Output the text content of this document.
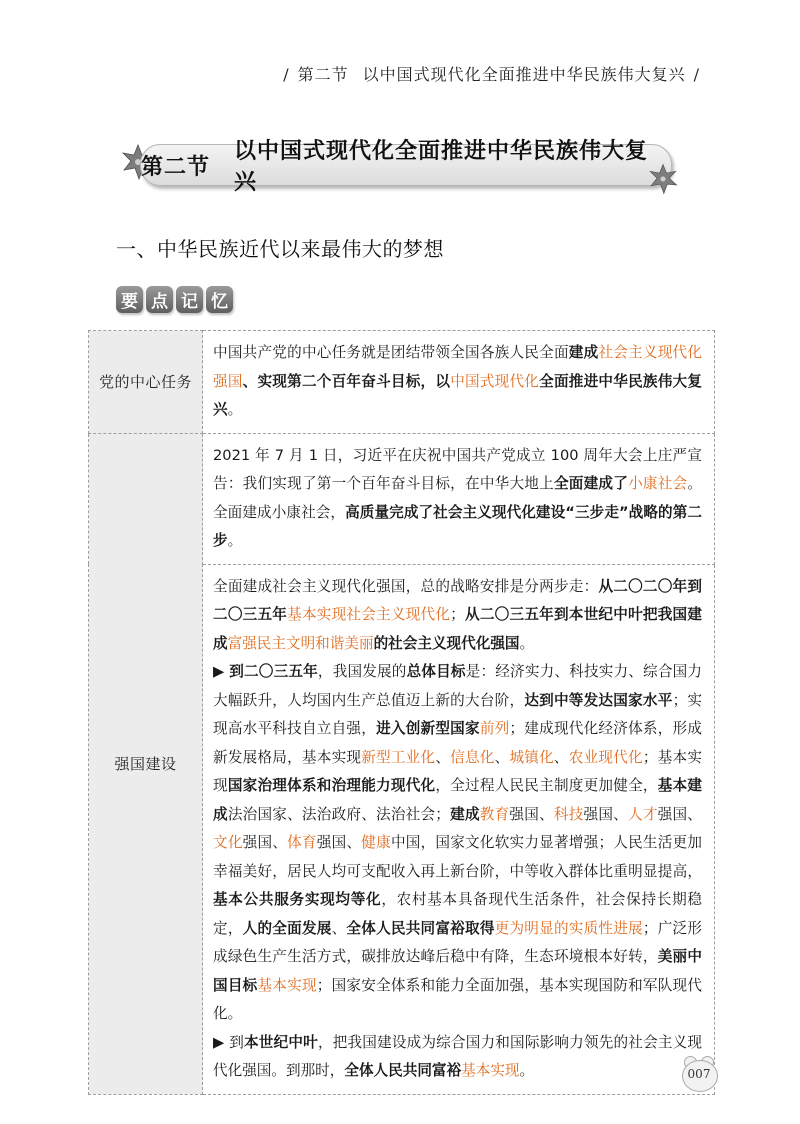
/ 第二节 以中国式现代化全面推进中华民族伟大复兴 /
第二节
以中国式现代化全面推进中华民族伟大复兴
一、中华民族近代以来最伟大的梦想
要 点 记 忆
党的中心任务	中国共产党的中心任务就是团结带领全国各族人民全面建成社会主义现代化强国、实现第二个百年奋斗目标，以中国式现代化全面推进中华民族伟大复兴。
强国建设	2021 年 7 月 1 日，习近平在庆祝中国共产党成立 100 周年大会上庄严宣告：我们实现了第一个百年奋斗目标，在中华大地上全面建成了小康社会。全面建成小康社会，高质量完成了社会主义现代化建设“三步走”战略的第二步。

	全面建成社会主义现代化强国，总的战略安排是分两步走：从二〇二〇年到二〇三五年基本实现社会主义现代化；从二〇三五年到本世纪中叶把我国建成富强民主文明和谐美丽的社会主义现代化强国。
▶ 到二〇三五年，我国发展的总体目标是：经济实力、科技实力、综合国力大幅跃升，人均国内生产总值迈上新的大台阶，达到中等发达国家水平；实现高水平科技自立自强，进入创新型国家前列；建成现代化经济体系，形成新发展格局，基本实现新型工业化、信息化、城镇化、农业现代化；基本实现国家治理体系和治理能力现代化，全过程人民民主制度更加健全，基本建成法治国家、法治政府、法治社会；建成教育强国、科技强国、人才强国、文化强国、体育强国、健康中国，国家文化软实力显著增强；人民生活更加幸福美好，居民人均可支配收入再上新台阶，中等收入群体比重明显提高，基本公共服务实现均等化，农村基本具备现代生活条件，社会保持长期稳定，人的全面发展、全体人民共同富裕取得更为明显的实质性进展；广泛形成绿色生产生活方式，碳排放达峰后稳中有降，生态环境根本好转，美丽中国目标基本实现；国家安全体系和能力全面加强，基本实现国防和军队现代化。
▶ 到本世纪中叶，把我国建设成为综合国力和国际影响力领先的社会主义现代化强国。到那时，全体人民共同富裕基本实现。	007
